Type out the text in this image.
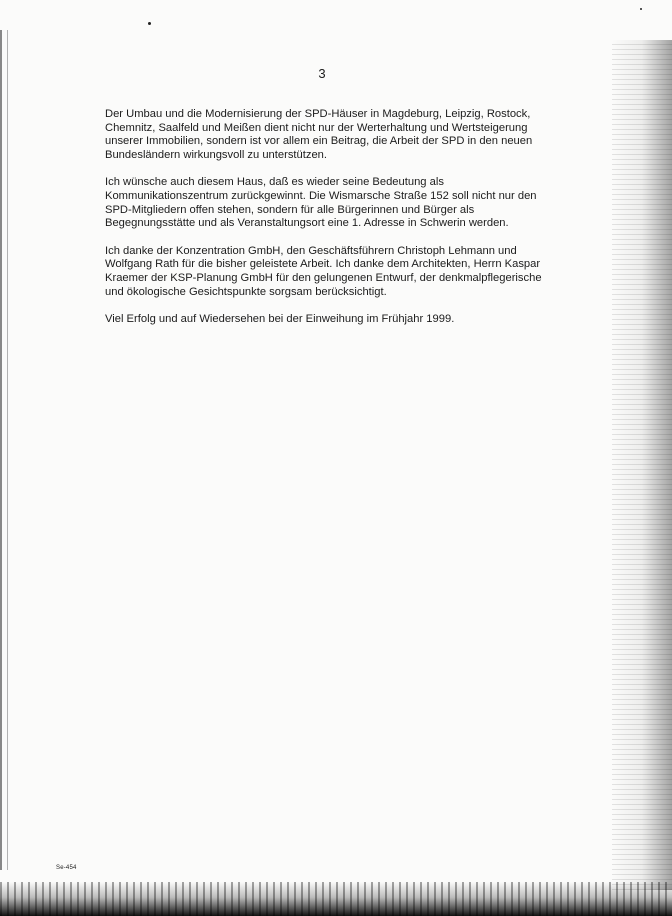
3

Der Umbau und die Modernisierung der SPD-Häuser in Magdeburg, Leipzig, Rostock, Chemnitz, Saalfeld und Meißen dient nicht nur der Werterhaltung und Wertsteigerung unserer Immobilien, sondern ist vor allem ein Beitrag, die Arbeit der SPD in den neuen Bundesländern wirkungsvoll zu unterstützen.

Ich wünsche auch diesem Haus, daß es wieder seine Bedeutung als Kommunikationszentrum zurückgewinnt. Die Wismarsche Straße 152 soll nicht nur den SPD-Mitgliedern offen stehen, sondern für alle Bürgerinnen und Bürger als Begegnungsstätte und als Veranstaltungsort eine 1. Adresse in Schwerin werden.

Ich danke der Konzentration GmbH, den Geschäftsführern Christoph Lehmann und Wolfgang Rath für die bisher geleistete Arbeit. Ich danke dem Architekten, Herrn Kaspar Kraemer der KSP-Planung GmbH für den gelungenen Entwurf, der denkmalpflegerische und ökologische Gesichtspunkte sorgsam berücksichtigt.

Viel Erfolg und auf Wiedersehen bei der Einweihung im Frühjahr 1999.

Se-454
